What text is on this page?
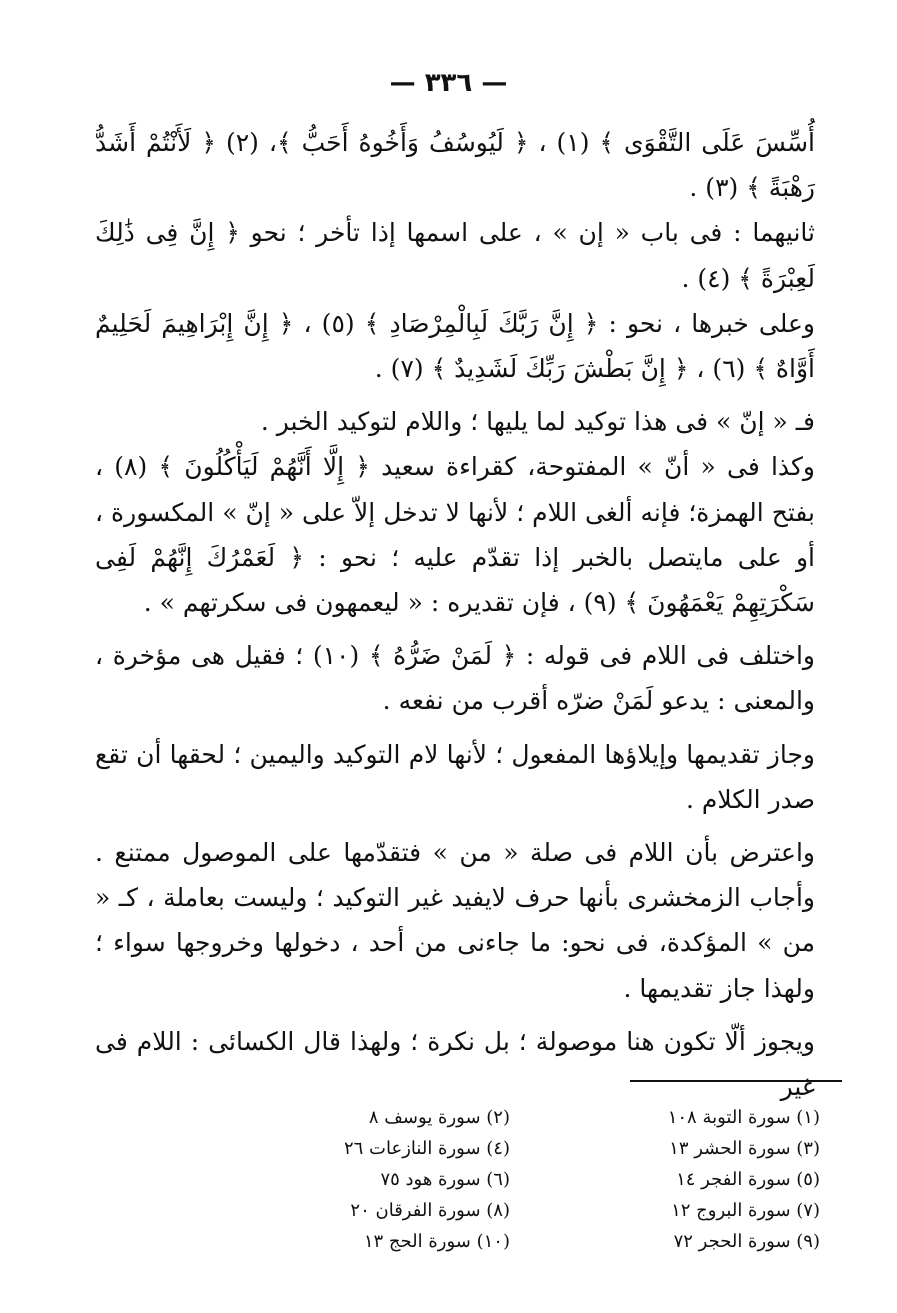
— ٣٣٦ —

أُسِّسَ عَلَى التَّقْوَى ﴾ (١) ، ﴿ لَيُوسُفُ وَأَخُوهُ أَحَبُّ ﴾، (٢) ﴿ لَأَنْتُمْ أَشَدُّ رَهْبَةً ﴾ (٣) .

ثانيهما : فى باب « إن » ، على اسمها إذا تأخر ؛ نحو ﴿ إِنَّ فِى ذَٰلِكَ لَعِبْرَةً ﴾ (٤) .

وعلى خبرها ، نحو : ﴿ إِنَّ رَبَّكَ لَبِالْمِرْصَادِ ﴾ (٥) ، ﴿ إِنَّ إِبْرَاهِيمَ لَحَلِيمٌ أَوَّاهٌ ﴾ (٦) ، ﴿ إِنَّ بَطْشَ رَبِّكَ لَشَدِيدٌ ﴾ (٧) .

فـ « إنّ » فى هذا توكيد لما يليها ؛ واللام لتوكيد الخبر .

وكذا فى « أنّ » المفتوحة، كقراءة سعيد ﴿ إِلَّا أَنَّهُمْ لَيَأْكُلُونَ ﴾ (٨) ، بفتح الهمزة؛ فإنه ألغى اللام ؛ لأنها لا تدخل إلاّ على « إنّ » المكسورة ، أو على مايتصل بالخبر إذا تقدّم عليه ؛ نحو : ﴿ لَعَمْرُكَ إِنَّهُمْ لَفِى سَكْرَتِهِمْ يَعْمَهُونَ ﴾ (٩) ، فإن تقديره : « ليعمهون فى سكرتهم » .

واختلف فى اللام فى قوله : ﴿ لَمَنْ ضَرُّهُ ﴾ (١٠) ؛ فقيل هى مؤخرة ، والمعنى : يدعو لَمَنْ ضرّه أقرب من نفعه .

وجاز تقديمها وإيلاؤها المفعول ؛ لأنها لام التوكيد واليمين ؛ لحقها أن تقع صدر الكلام .

واعترض بأن اللام فى صلة « من » فتقدّمها على الموصول ممتنع . وأجاب الزمخشرى بأنها حرف لايفيد غير التوكيد ؛ وليست بعاملة ، كـ « من » المؤكدة، فى نحو: ما جاءنى من أحد ، دخولها وخروجها سواء ؛ ولهذا جاز تقديمها .

ويجوز ألّا تكون هنا موصولة ؛ بل نكرة ؛ ولهذا قال الكسائى : اللام فى غير

(١) سورة التوبة ١٠٨
(٢) سورة يوسف ٨
(٣) سورة الحشر ١٣
(٤) سورة النازعات ٢٦
(٥) سورة الفجر ١٤
(٦) سورة هود ٧٥
(٧) سورة البروج ١٢
(٨) سورة الفرقان ٢٠
(٩) سورة الحجر ٧٢
(١٠) سورة الحج ١٣
